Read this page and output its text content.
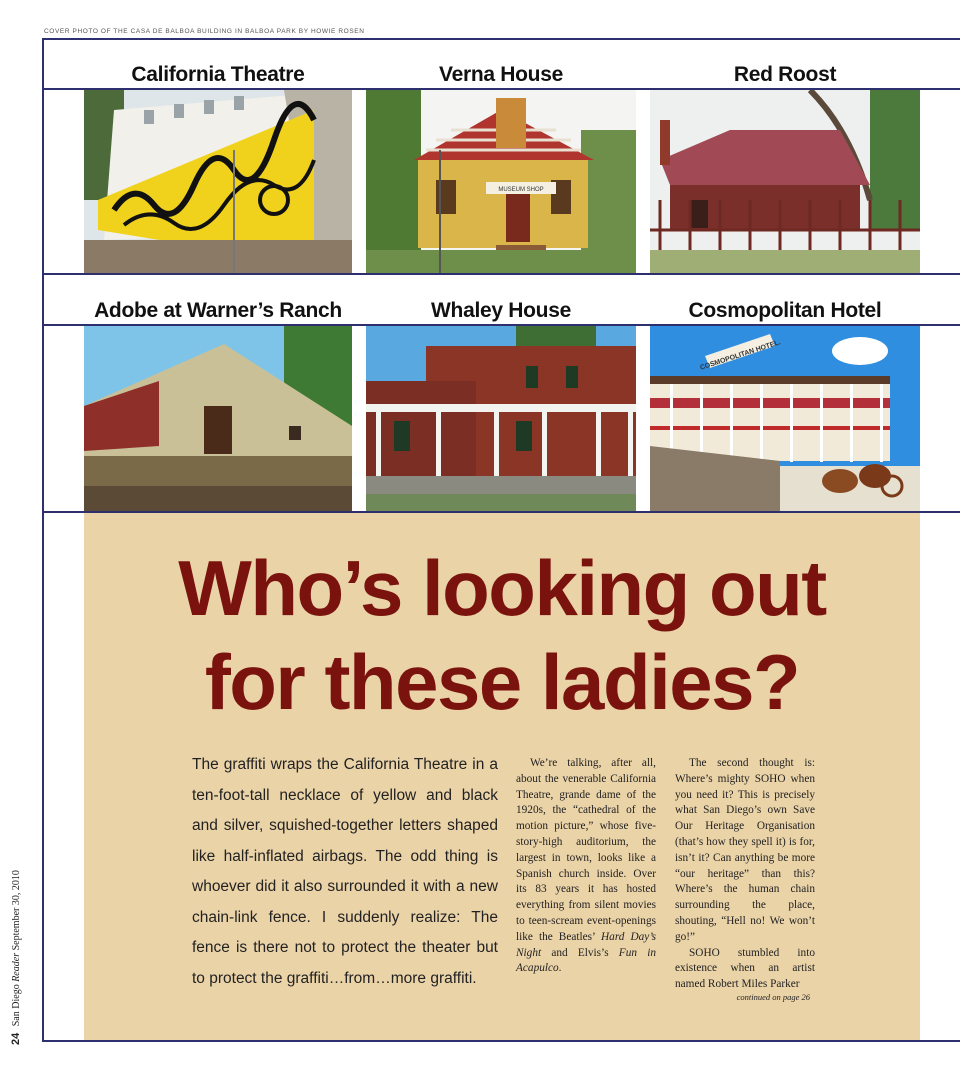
COVER PHOTO OF THE CASA DE BALBOA BUILDING IN BALBOA PARK BY HOWIE ROSEN
California Theatre	Verna House	Red Roost
MUSEUM SHOP
Adobe at Warner’s Ranch	Whaley House	Cosmopolitan Hotel
COSMOPOLITAN HOTEL.
Who’s looking out
for these ladies?

The graffiti wraps the California Theatre in a ten-foot-tall necklace of yellow and black and silver, squished-together letters shaped like half-inflated airbags. The odd thing is whoever did it also surrounded it with a new chain-link fence. I suddenly realize: The fence is there not to protect the theater but to protect the graffiti…from…more graffiti.

We’re talking, after all, about the venerable California Theatre, grande dame of the 1920s, the “cathedral of the motion picture,” whose five-story-high auditorium, the largest in town, looks like a Spanish church inside. Over its 83 years it has hosted everything from silent movies to teen-scream event-openings like the Beatles’ Hard Day’s Night and Elvis’s Fun in Acapulco.

The second thought is: Where’s mighty SOHO when you need it? This is precisely what San Diego’s own Save Our Heritage Organisation (that’s how they spell it) is for, isn’t it? Can anything be more “our heritage” than this? Where’s the human chain surrounding the place, shouting, “Hell no! We won’t go!”

SOHO stumbled into existence when an artist named Robert Miles Parker

continued on page 26
24 San Diego Reader September 30, 2010
